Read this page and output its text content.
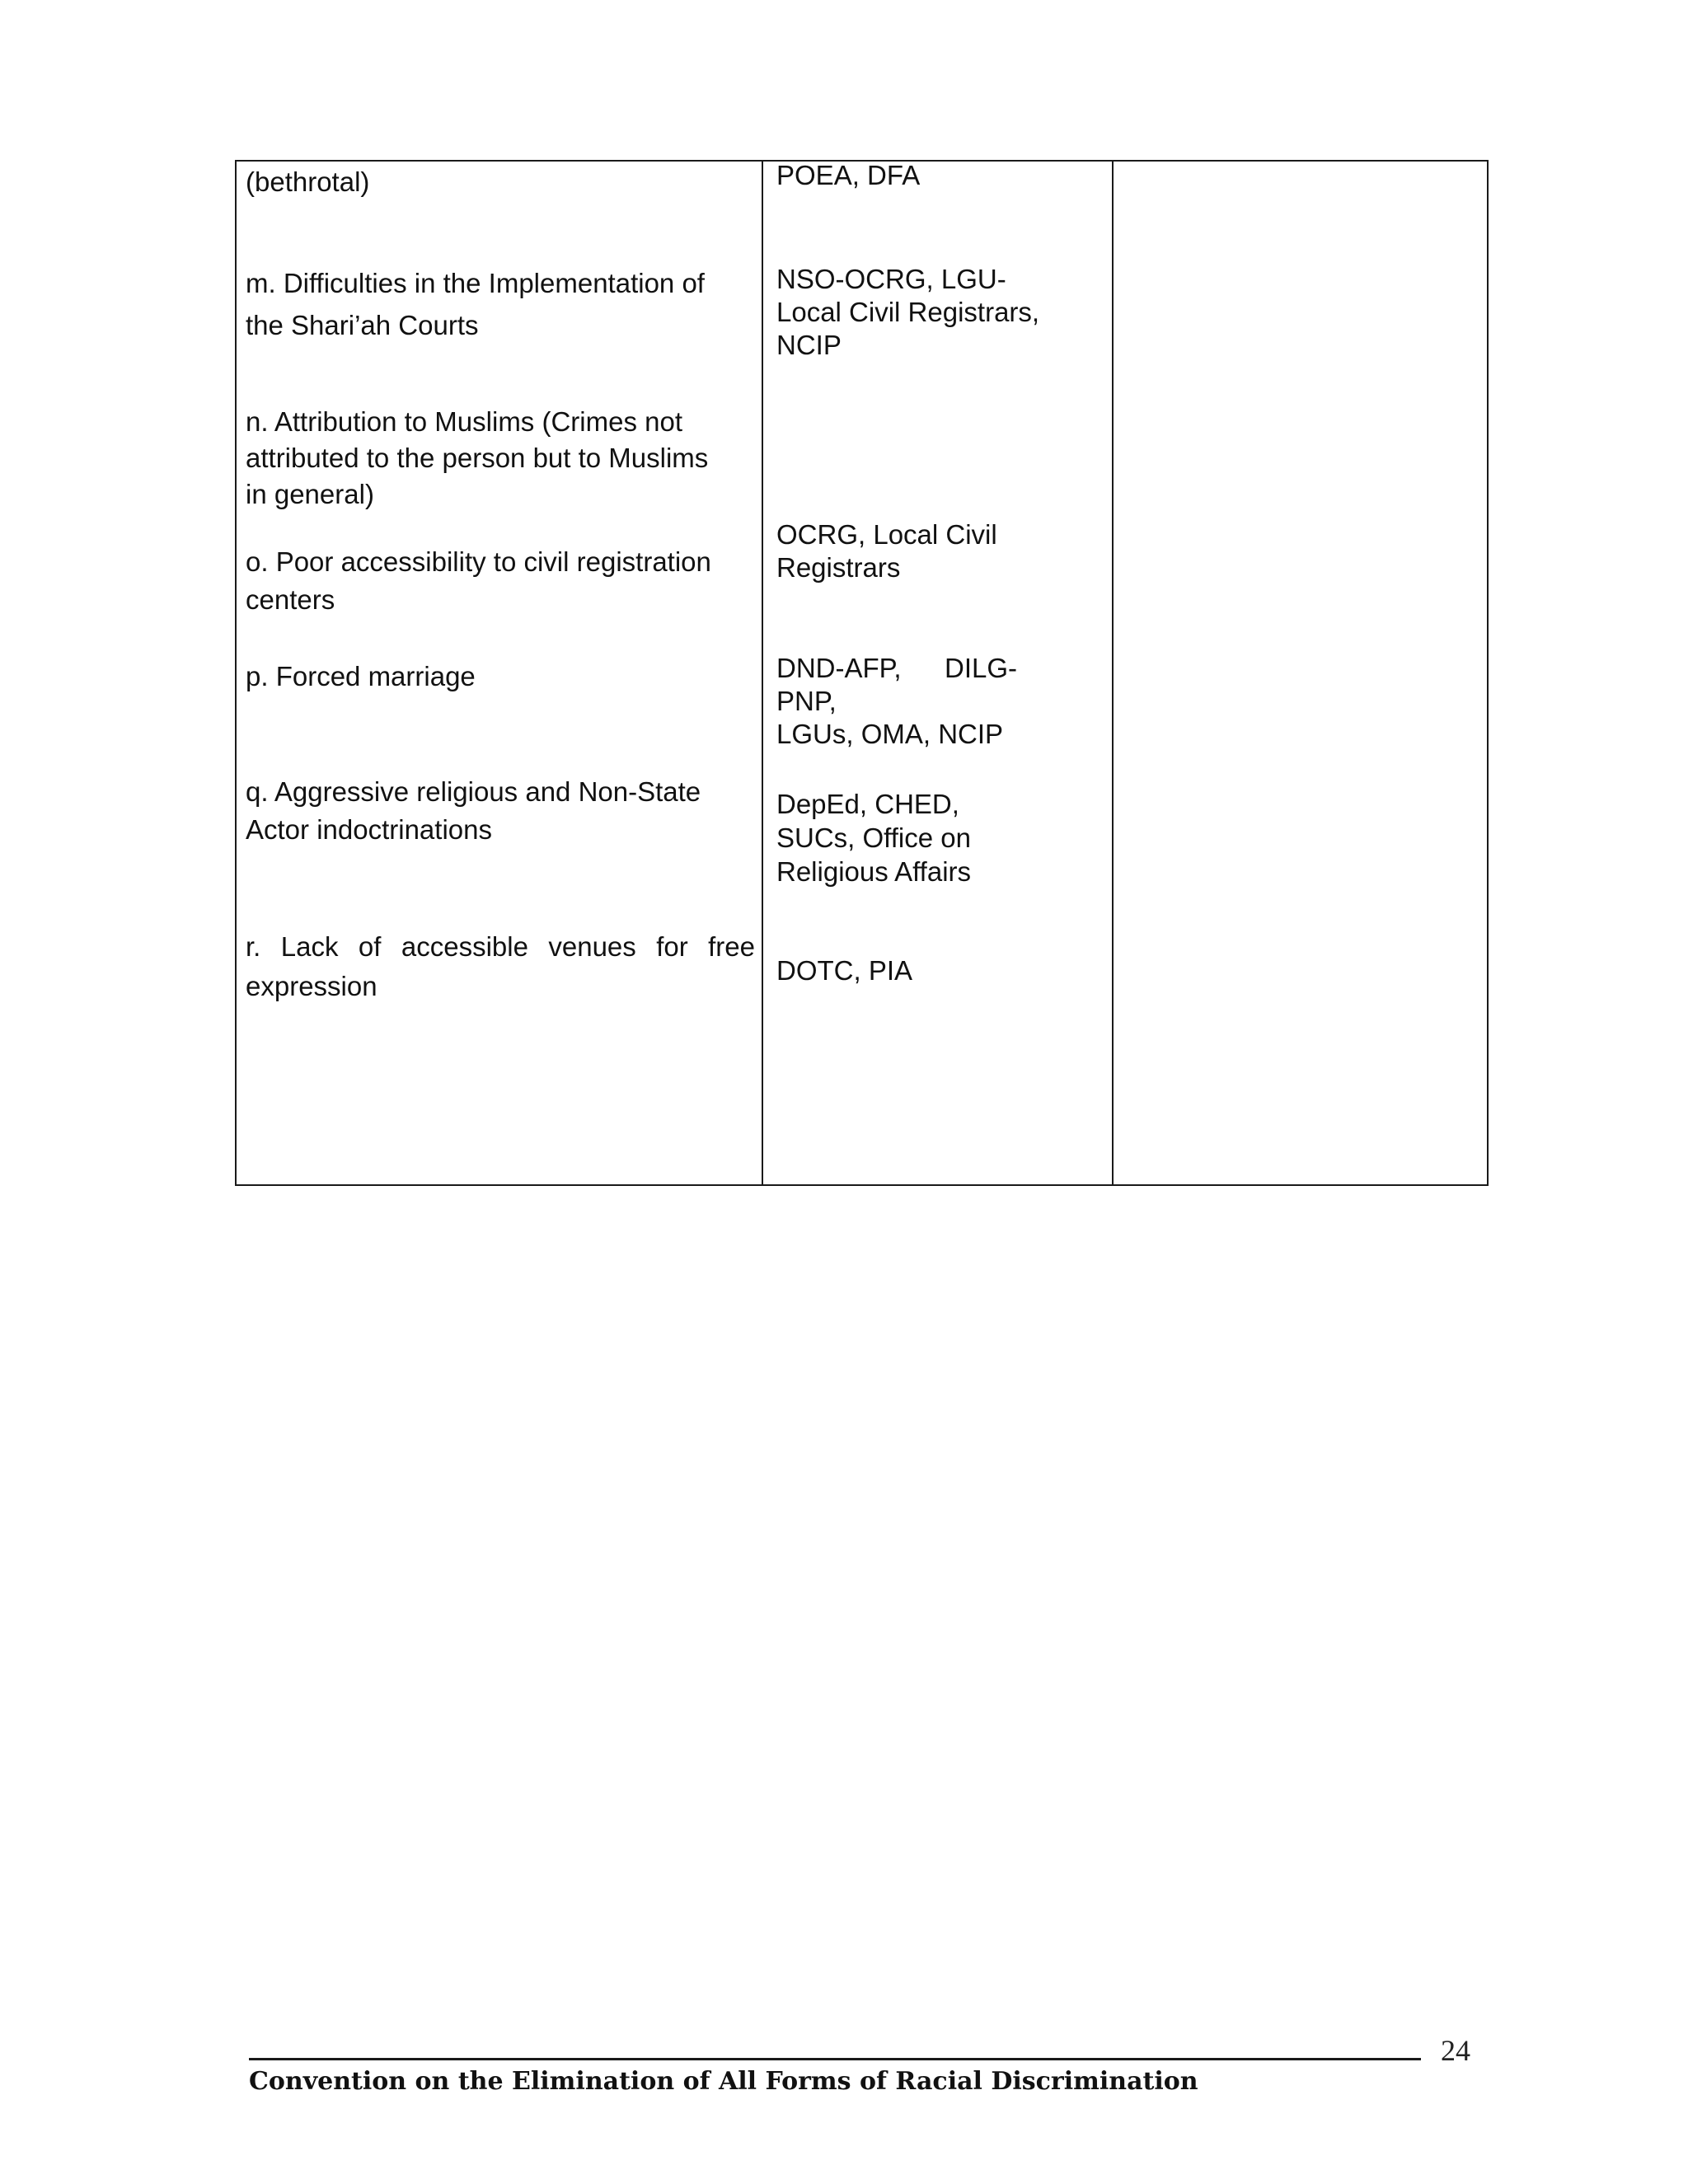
(bethrotal)
m. Difficulties in the Implementation of
the Shari’ah Courts
n. Attribution to Muslims (Crimes not
attributed to the person but to Muslims
in general)
o. Poor accessibility to civil registration
centers
p. Forced marriage
q. Aggressive religious and Non-State
Actor indoctrinations
r. Lack of accessible venues for free
expression
POEA, DFA
NSO-OCRG, LGU-
Local Civil Registrars,
NCIP
OCRG, Local Civil
Registrars
DND-AFP, DILG-
PNP,
LGUs, OMA, NCIP
DepEd, CHED,
SUCs, Office on
Religious Affairs
DOTC, PIA
24
Convention on the Elimination of All Forms of Racial Discrimination
